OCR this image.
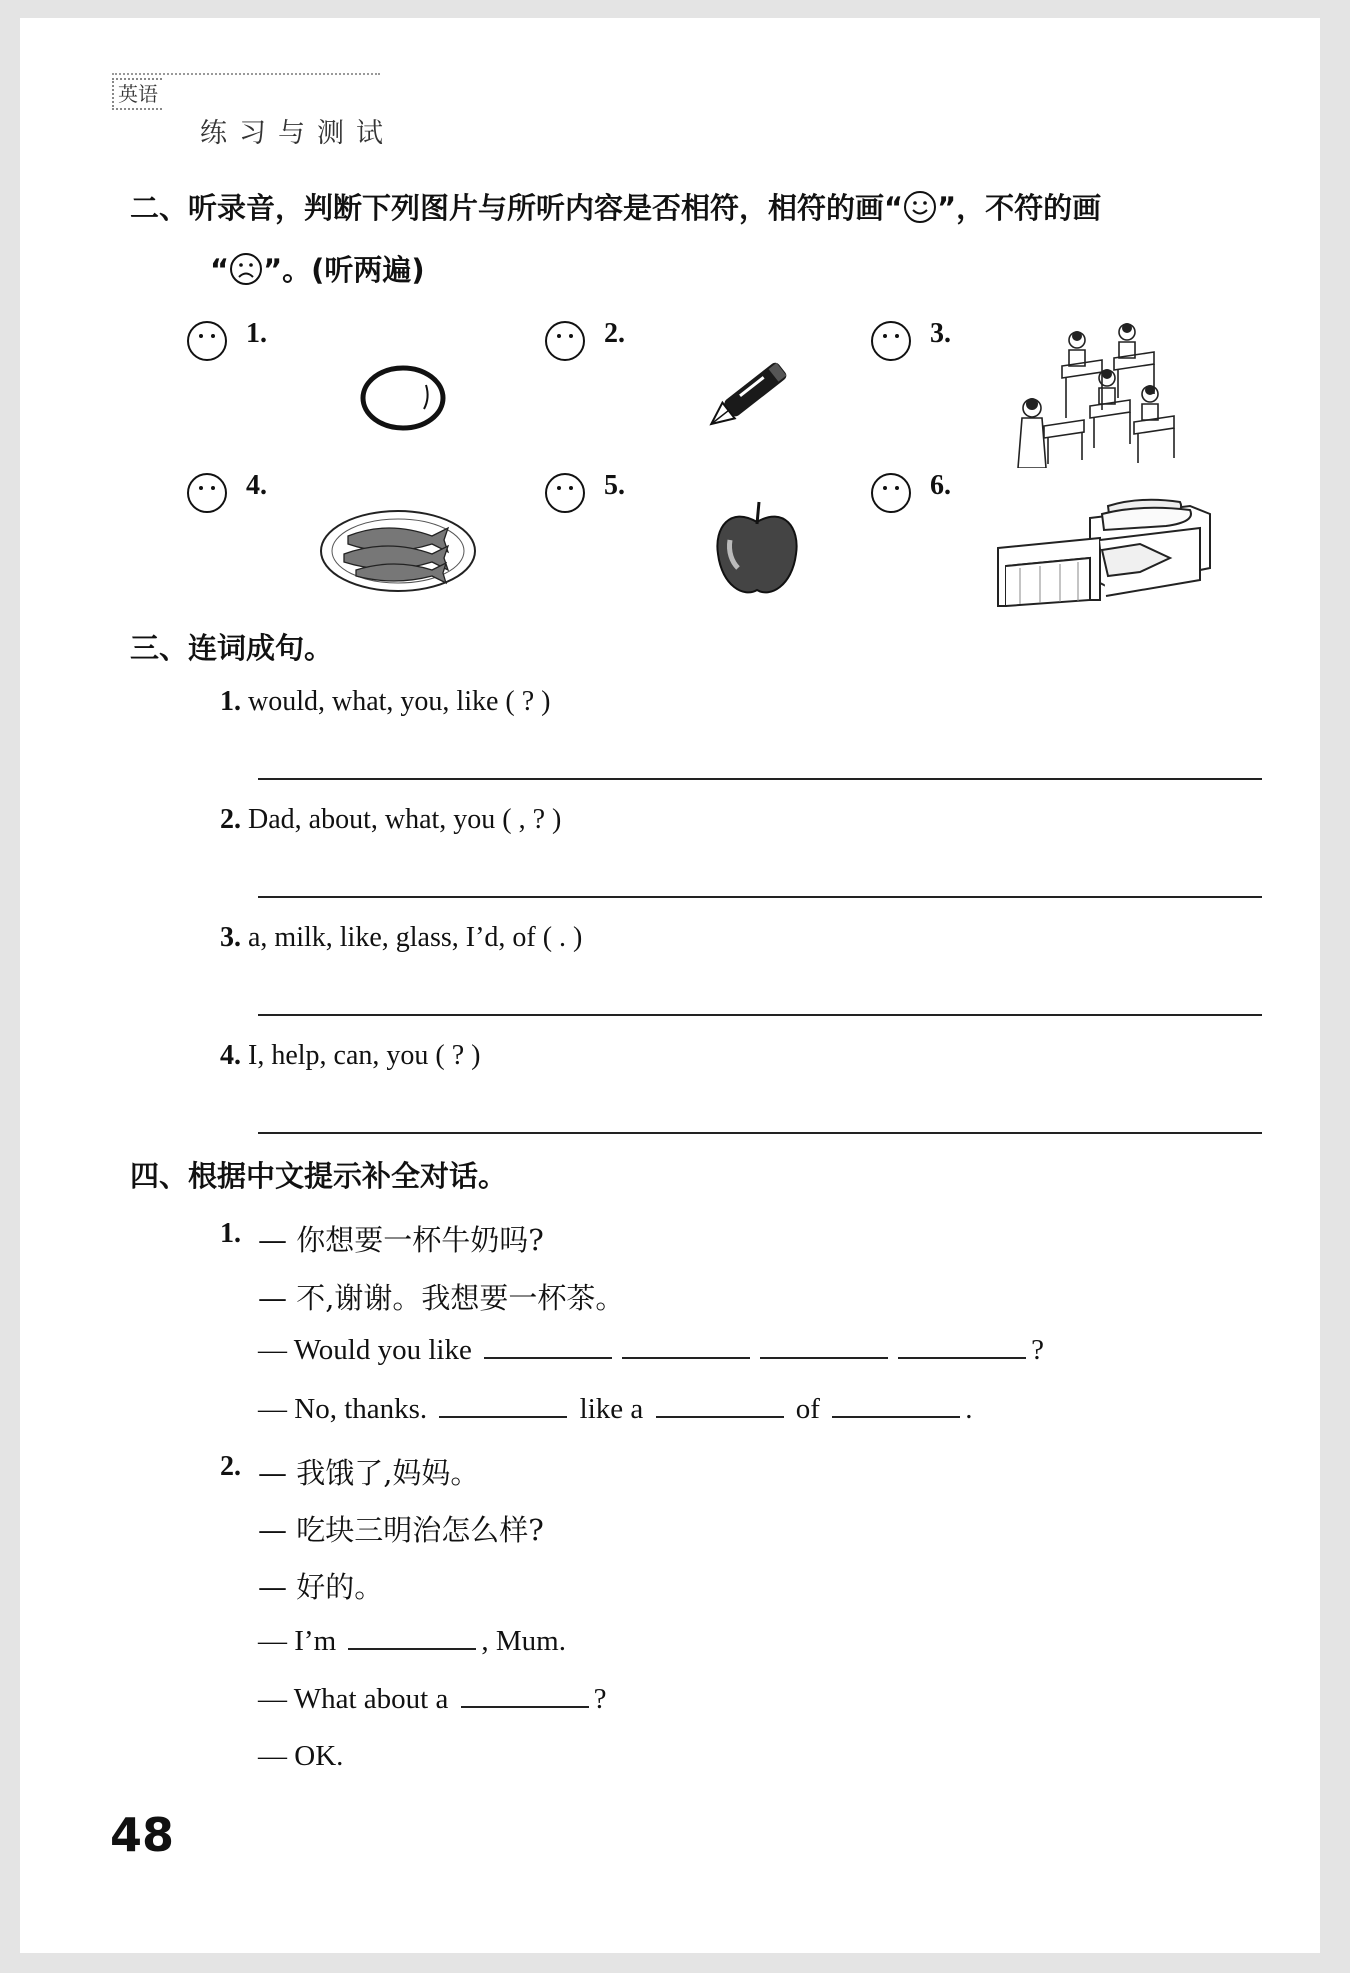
英语
练习与测试
二、听录音，判断下列图片与所听内容是否相符，相符的画“ ”，不符的画
“ ”。(听两遍)
1.	2.	3.
4.	5.	6.
三、连词成句。
1. would, what, you, like ( ? )
2. Dad, about, what, you ( , ? )
3. a, milk, like, glass, I’d, of ( . )
4. I, help, can, you ( ? )
四、根据中文提示补全对话。
1. — 你想要一杯牛奶吗?
— 不,谢谢。我想要一杯茶。
— Would you like	?
— No, thanks.	like a	of	.
2. — 我饿了,妈妈。
— 吃块三明治怎么样?
— 好的。
— I’m	, Mum.
— What about a	?
— OK.
48
